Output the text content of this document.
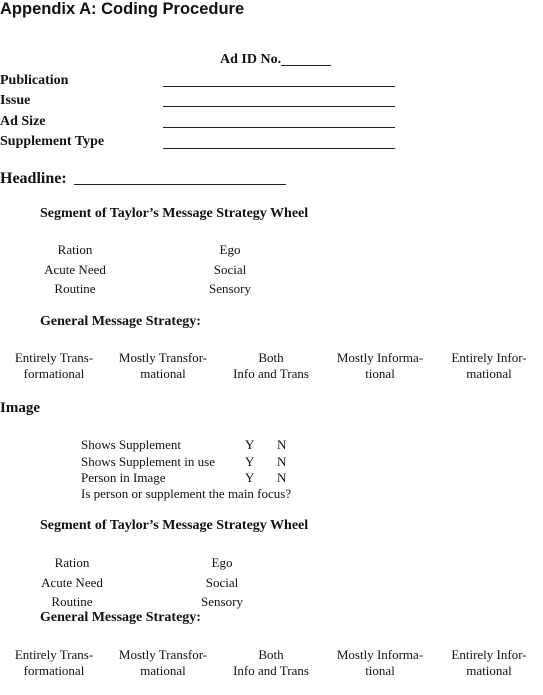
Appendix A: Coding Procedure
Ad ID No.
Publication
Issue
Ad Size
Supplement Type
Headline:
Segment of Taylor’s Message Strategy Wheel
Ration
Acute Need
Routine
Ego
Social
Sensory
General Message Strategy:
Entirely Trans-
formational
Mostly Transfor-
mational
Both
Info and Trans
Mostly Informa-
tional
Entirely Infor-
mational
Image
Shows Supplement	Y N
Shows Supplement in use Y N
Person in Image	Y N
Is person or supplement the main focus?
Segment of Taylor’s Message Strategy Wheel
Ration
Acute Need
Routine
Ego
Social
Sensory
General Message Strategy:
Entirely Trans-
formational
Mostly Transfor-
mational
Both
Info and Trans
Mostly Informa-
tional
Entirely Infor-
mational
